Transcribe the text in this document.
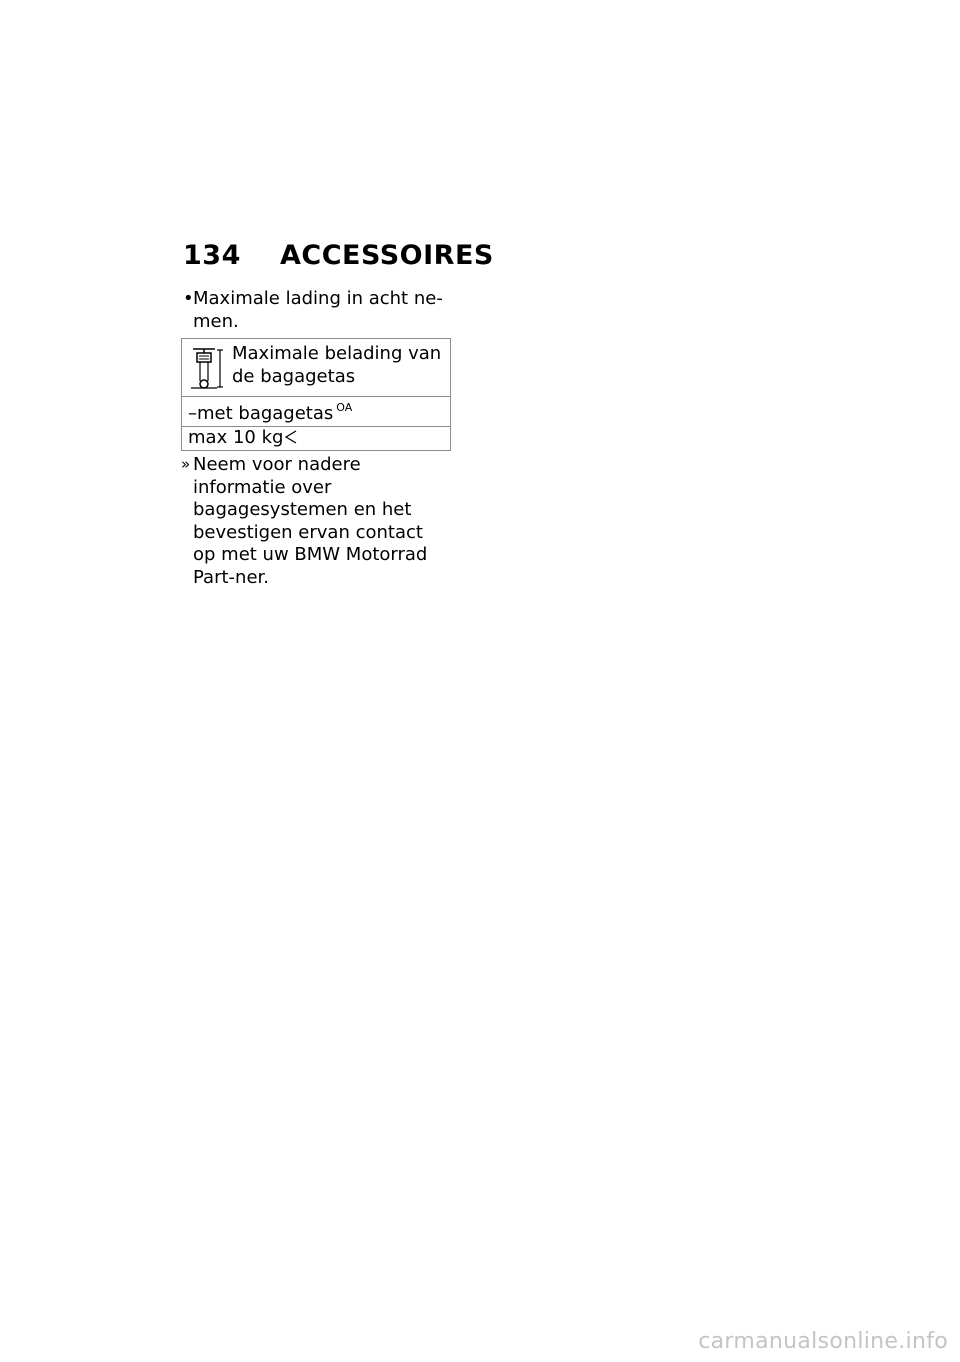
134 ACCESSOIRES
• Maximale lading in acht ne-men.
Maximale belading van de bagagetas
–met bagagetas $^{OA}$
max 10 kg
» Neem voor nadere informatie over bagagesystemen en het bevestigen ervan contact op met uw BMW Motorrad Part-ner.
carmanualsonline.info
